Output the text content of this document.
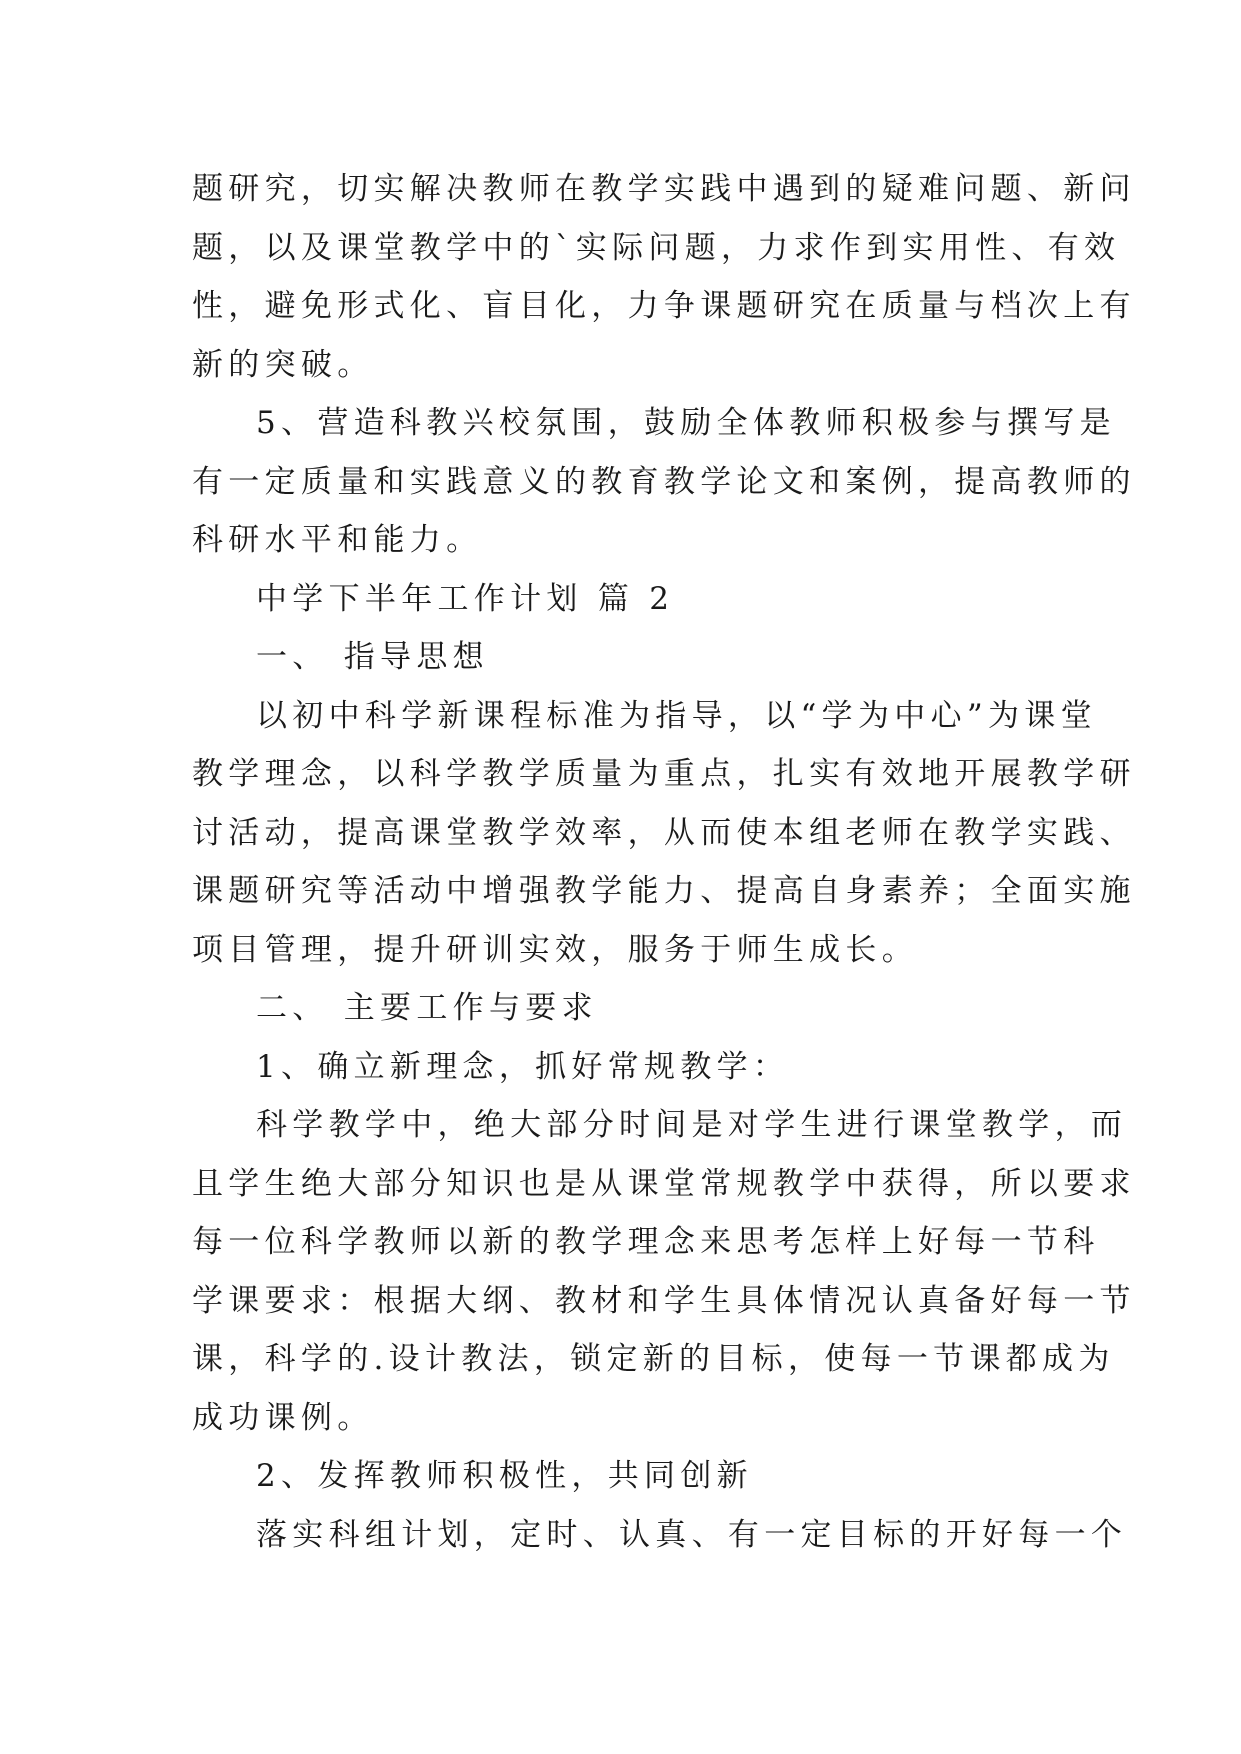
题研究，切实解决教师在教学实践中遇到的疑难问题、新问
题，以及课堂教学中的`实际问题，力求作到实用性、有效
性，避免形式化、盲目化，力争课题研究在质量与档次上有
新的突破。
5、营造科教兴校氛围，鼓励全体教师积极参与撰写是
有一定质量和实践意义的教育教学论文和案例，提高教师的
科研水平和能力。
中学下半年工作计划 篇 2
一、 指导思想
以初中科学新课程标准为指导，以“学为中心”为课堂
教学理念，以科学教学质量为重点，扎实有效地开展教学研
讨活动，提高课堂教学效率，从而使本组老师在教学实践、
课题研究等活动中增强教学能力、提高自身素养；全面实施
项目管理，提升研训实效，服务于师生成长。
二、 主要工作与要求
1、确立新理念，抓好常规教学：
科学教学中，绝大部分时间是对学生进行课堂教学，而
且学生绝大部分知识也是从课堂常规教学中获得，所以要求
每一位科学教师以新的教学理念来思考怎样上好每一节科
学课要求：根据大纲、教材和学生具体情况认真备好每一节
课，科学的.设计教法，锁定新的目标，使每一节课都成为
成功课例。
2、发挥教师积极性，共同创新
落实科组计划，定时、认真、有一定目标的开好每一个
